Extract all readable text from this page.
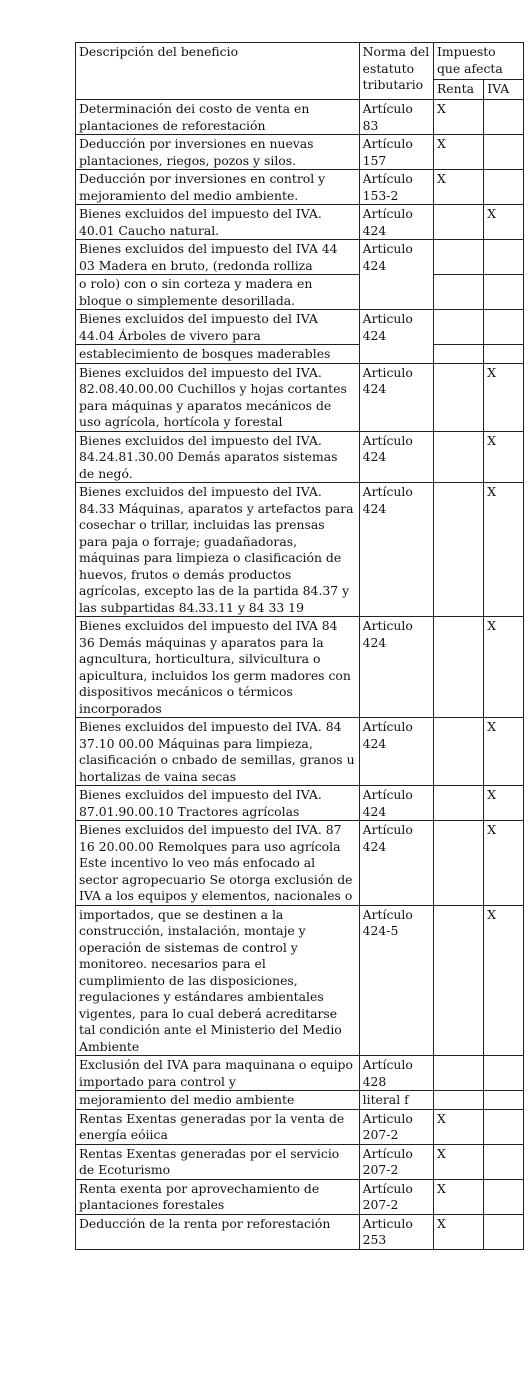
Descripción del beneficio	Norma del estatuto tributario	Impuesto que afecta	
		Renta	IVA
Determinación dei costo de venta en plantaciones de reforestación	Artículo 83	X	
Deducción por inversiones en nuevas plantaciones, riegos, pozos y silos.	Artículo 157	X	
Deducción por inversiones en control y mejoramiento del medio ambiente.	Artículo 153-2	X	
Bienes excluidos del impuesto del IVA. 40.01 Caucho natural.	Artículo 424		X
Bienes excluidos del impuesto del IVA 44 03 Madera en bruto, (redonda rolliza	Articulo 424		
o rolo) con o sin corteza y madera en bloque o simplemente desorillada.			
Bienes excluidos del impuesto del IVA 44.04 Árboles de vivero para	Articulo 424		
establecimiento de bosques maderables			
Bienes excluidos del impuesto del IVA. 82.08.40.00.00 Cuchillos y hojas cortantes para máquinas y aparatos mecánicos de uso agrícola, hortícola y forestal	Articulo 424		X
Bienes excluidos del impuesto del IVA. 84.24.81.30.00 Demás aparatos sistemas de negó.	Artículo 424		X
Bienes excluidos del impuesto del IVA. 84.33 Máquinas, aparatos y artefactos para cosechar o trillar, incluidas las prensas para paja o forraje; guadañadoras, máquinas para limpieza o clasificación de huevos, frutos o demás productos agrícolas, excepto las de la partida 84.37 y las subpartidas 84.33.11 y 84 33 19	Artículo 424		X
Bienes excluidos del impuesto del IVA 84 36 Demás máquinas y aparatos para la agncultura, horticultura, silvicultura o apicultura, incluidos los germ madores con dispositivos mecánicos o térmicos incorporados	Articulo 424		X
Bienes excluidos del impuesto del IVA. 84 37.10 00.00 Máquinas para limpieza, clasificación o cnbado de semillas, granos u hortalizas de vaina secas	Artículo 424		X
Bienes excluidos del impuesto del IVA. 87.01.90.00.10 Tractores agrícolas	Artículo 424		X
Bienes excluidos del impuesto del IVA. 87 16 20.00.00 Remolques para uso agrícola Este incentivo lo veo más enfocado al sector agropecuario Se otorga exclusión de IVA a los equipos y elementos, nacionales o	Artículo 424		X
importados, que se destinen a la construcción, instalación, montaje y operación de sistemas de control y monitoreo. necesarios para el cumplimiento de las disposiciones, regulaciones y estándares ambientales vigentes, para lo cual deberá acreditarse tal condición ante el Ministerio del Medio Ambiente	Artículo 424-5		X
Exclusión del IVA para maquinana o equipo importado para control y	Artículo 428		
mejoramiento del medio ambiente	literal f		
Rentas Exentas generadas por la venta de energía eóiica	Articulo 207-2	X	
Rentas Exentas generadas por el servicio de Ecoturismo	Artículo 207-2	X	
Renta exenta por aprovechamiento de plantaciones forestales	Artículo 207-2	X	
Deducción de la renta por reforestación	Articulo 253	X	
